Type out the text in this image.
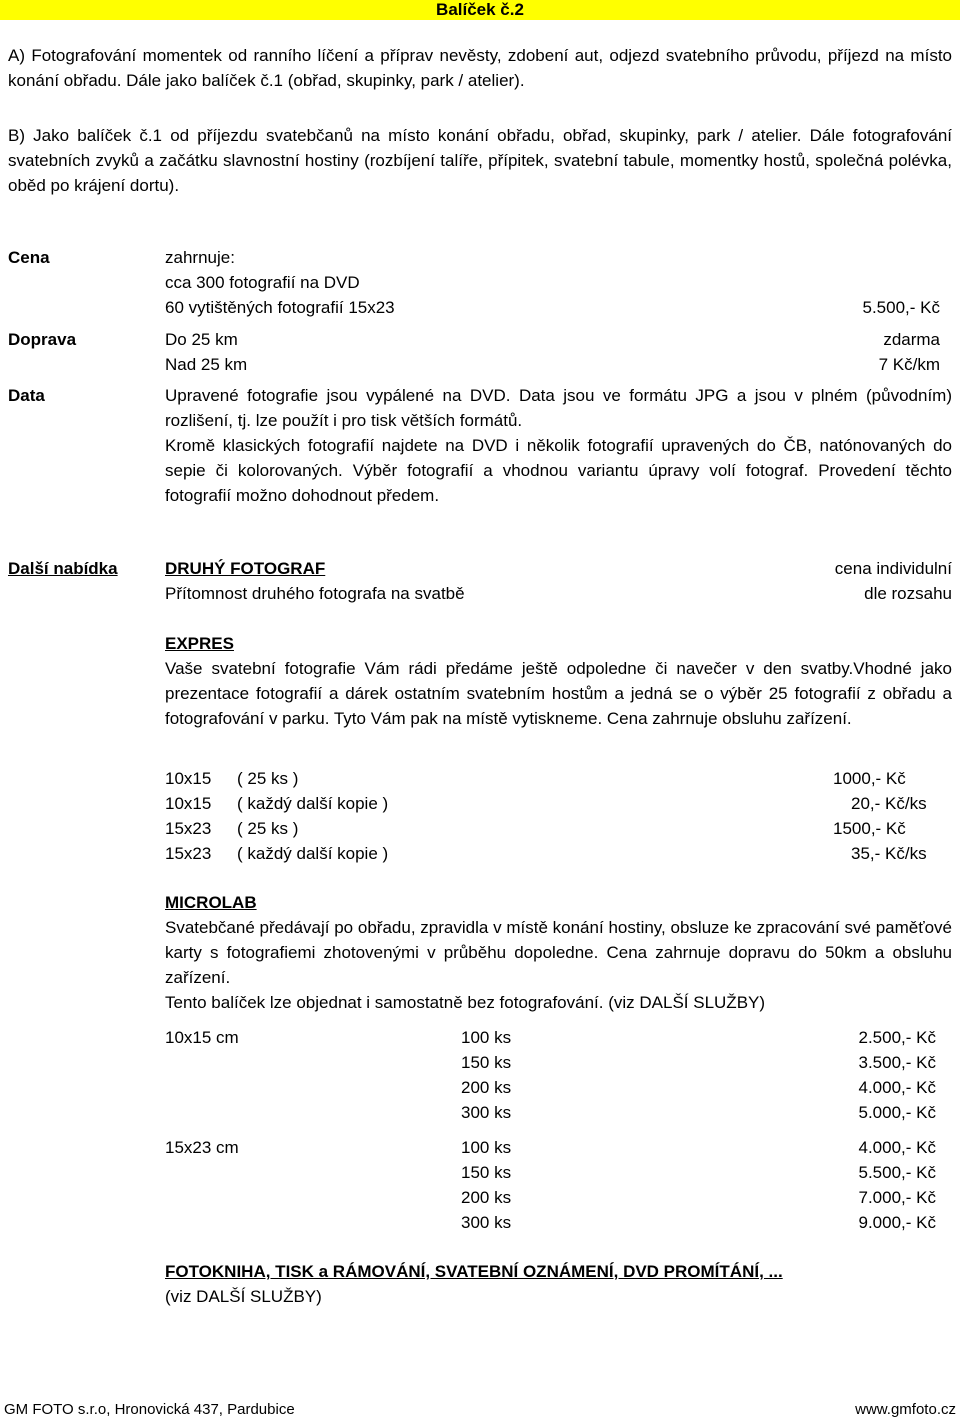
Balíček č.2
A) Fotografování momentek od ranního líčení a příprav nevěsty, zdobení aut, odjezd svatebního průvodu, příjezd na místo konání obřadu. Dále jako balíček č.1 (obřad, skupinky, park / atelier).
B) Jako balíček č.1 od příjezdu svatebčanů na místo konání obřadu, obřad, skupinky, park / atelier. Dále fotografování svatebních zvyků a začátku slavnostní hostiny (rozbíjení talíře, přípitek, svatební tabule, momentky hostů, společná polévka, oběd po krájení dortu).
Cena	zahrnuje:
cca 300 fotografií na DVD
60 vytištěných fotografií 15x23	5.500,- Kč
Doprava	Do 25 km	zdarma
Nad 25 km	7 Kč/km
Data	Upravené fotografie jsou vypálené na DVD. Data jsou ve formátu JPG a jsou v plném (původním) rozlišení, tj. lze použít i pro tisk větších formátů.
Kromě klasických fotografií najdete na DVD i několik fotografií upravených do ČB, natónovaných do sepie či kolorovaných. Výběr fotografií a vhodnou variantu úpravy volí fotograf. Provedení těchto fotografií možno dohodnout předem.
Další nabídka	DRUHÝ FOTOGRAF	cena individulní
Přítomnost druhého fotografa na svatbě	dle rozsahu
EXPRES
Vaše svatební fotografie Vám rádi předáme ještě odpoledne či navečer v den svatby.Vhodné jako prezentace fotografií a dárek ostatním svatebním hostům a jedná se o výběr 25 fotografií z obřadu a fotografování v parku. Tyto Vám pak na místě vytiskneme. Cena zahrnuje obsluhu zařízení.
10x15 ( 25 ks )	1000,- Kč
10x15 ( každý další kopie )	20,- Kč/ks
15x23 ( 25 ks )	1500,- Kč
15x23 ( každý další kopie )	35,- Kč/ks
MICROLAB
Svatebčané předávají po obřadu, zpravidla v místě konání hostiny, obsluze ke zpracování své paměťové karty s fotografiemi zhotovenými v průběhu dopoledne. Cena zahrnuje dopravu do 50km a obsluhu zařízení.
Tento balíček lze objednat i samostatně bez fotografování. (viz DALŠÍ SLUŽBY)
10x15 cm	100 ks	2.500,- Kč
150 ks	3.500,- Kč
200 ks	4.000,- Kč
300 ks	5.000,- Kč
15x23 cm	100 ks	4.000,- Kč
150 ks	5.500,- Kč
200 ks	7.000,- Kč
300 ks	9.000,- Kč
FOTOKNIHA, TISK a RÁMOVÁNÍ, SVATEBNÍ OZNÁMENÍ, DVD PROMÍTÁNÍ, ...
(viz DALŠÍ SLUŽBY)
GM FOTO s.r.o, Hronovická 437, Pardubice	www.gmfoto.cz
